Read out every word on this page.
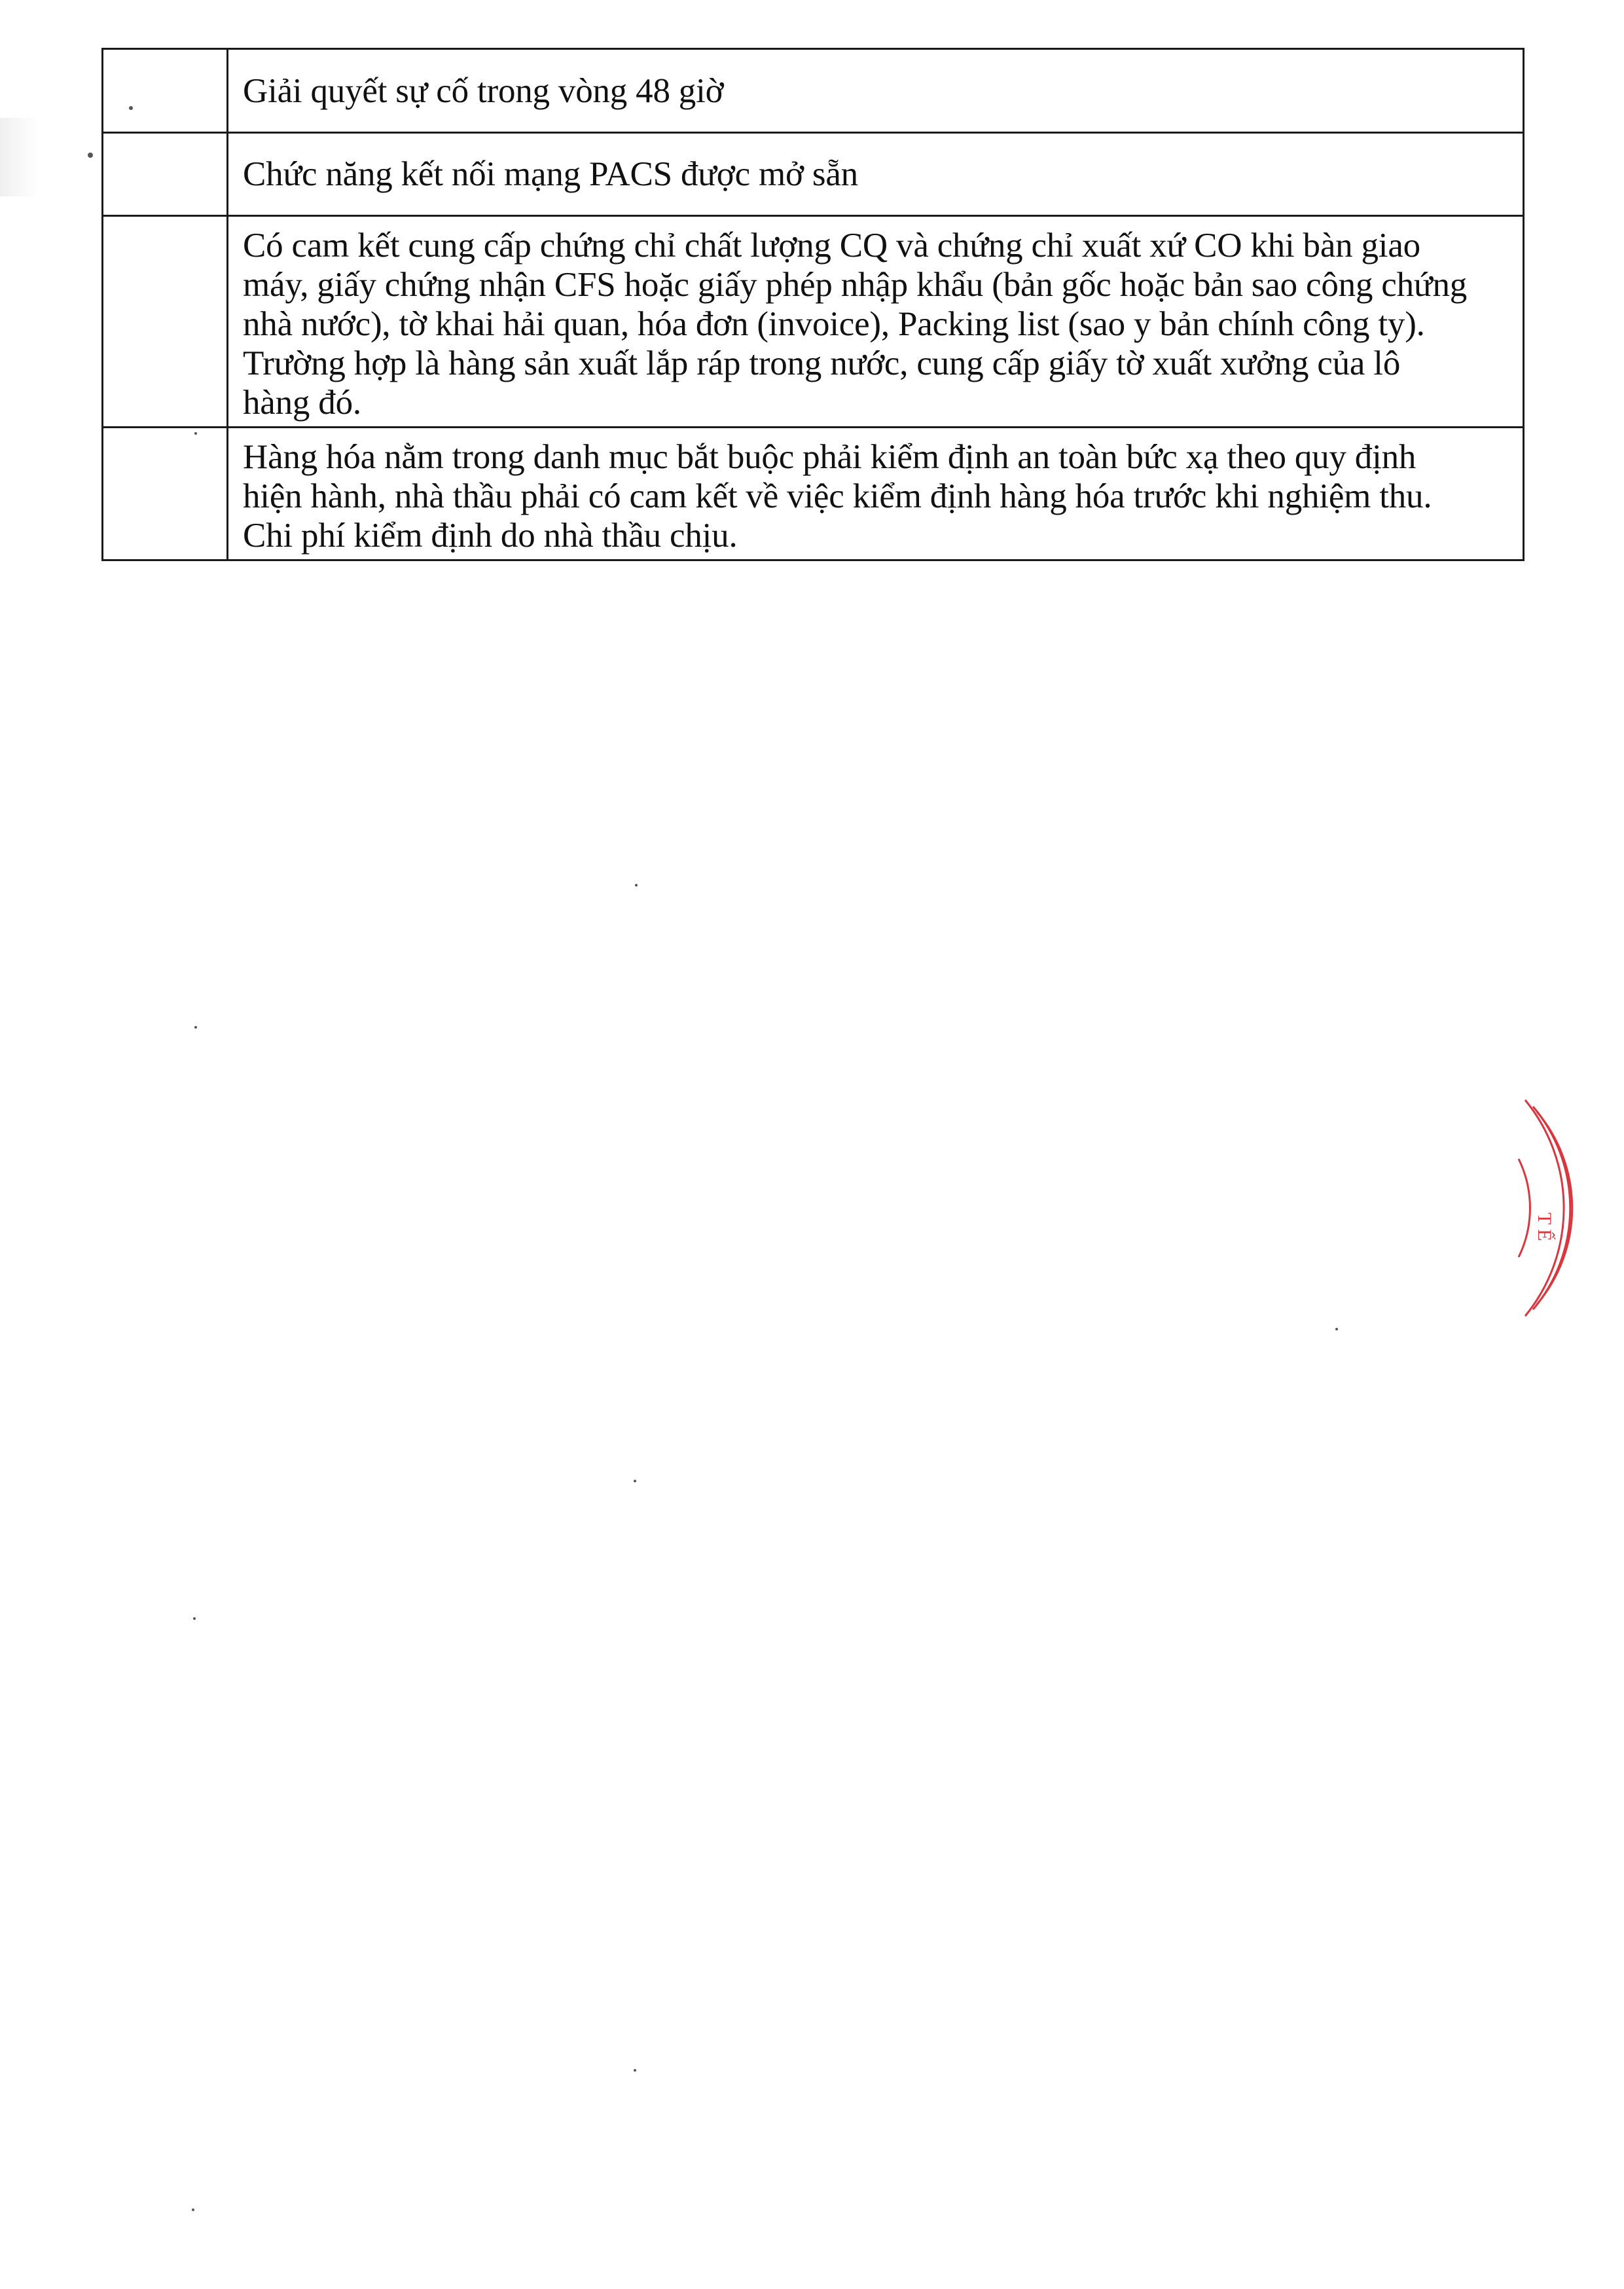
	Giải quyết sự cố trong vòng 48 giờ

	Chức năng kết nối mạng PACS được mở sẵn

	Có cam kết cung cấp chứng chỉ chất lượng CQ và chứng chỉ xuất xứ CO khi bàn giao
máy, giấy chứng nhận CFS hoặc giấy phép nhập khẩu (bản gốc hoặc bản sao công chứng
nhà nước), tờ khai hải quan, hóa đơn (invoice), Packing list (sao y bản chính công ty).
Trường hợp là hàng sản xuất lắp ráp trong nước, cung cấp giấy tờ xuất xưởng của lô
hàng đó.

	Hàng hóa nằm trong danh mục bắt buộc phải kiểm định an toàn bức xạ theo quy định
hiện hành, nhà thầu phải có cam kết về việc kiểm định hàng hóa trước khi nghiệm thu.
Chi phí kiểm định do nhà thầu chịu.
T Ế
